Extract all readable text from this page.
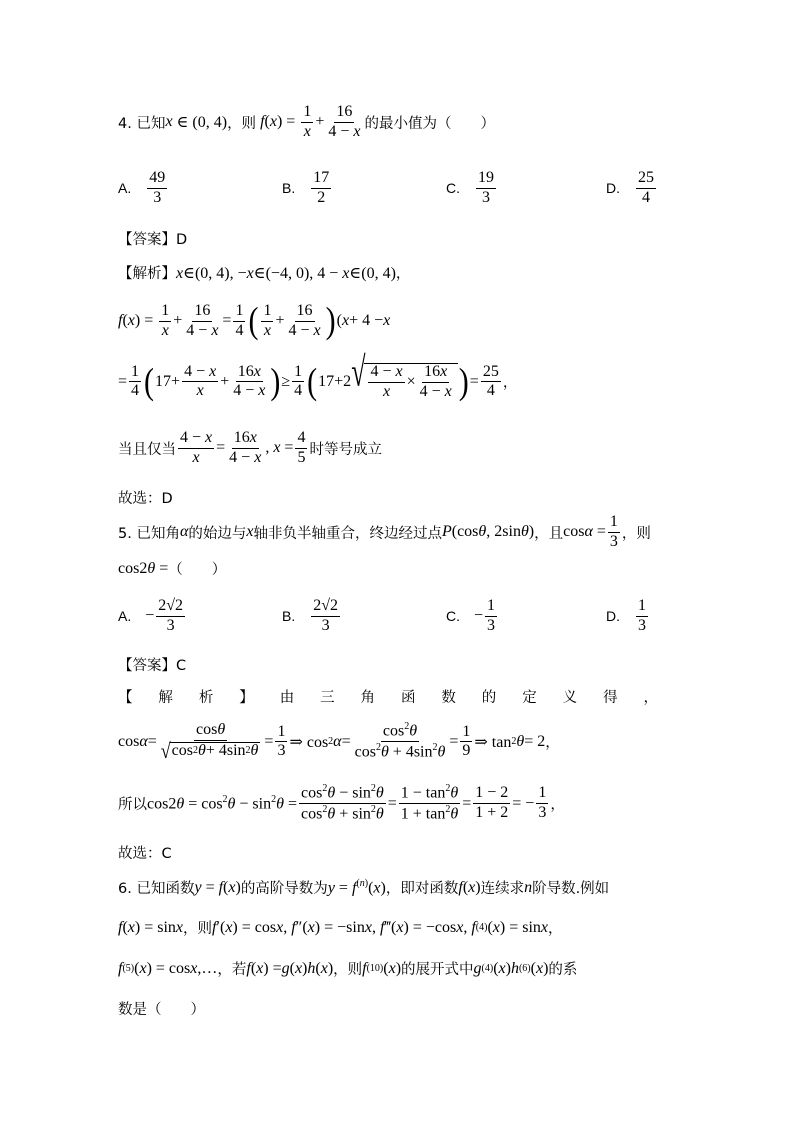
4. 已知 x ∈ (0, 4) ，则 $f(x) = \frac{1}{x} + \frac{16}{4 - x}$ 的最小值为（　　）
A. $\frac{49}{3}$	B. $\frac{17}{2}$	C. $\frac{19}{3}$	D. $\frac{25}{4}$
【答案】D
【解析】 x∈(0, 4), −x∈(−4, 0), 4 − x∈(0, 4) ，
f ( x ) = $\frac{1}{x} + \frac{16}{4 - x} = \frac{1}{4}$ ( $\frac{1}{x} + \frac{16}{4 - x}$ ) ( x + 4 − x
= $\frac{1}{4}$ ( $17+ \frac{4 - x}{x} + \frac{16x}{4 - x}$ ) ≥ $\frac{1}{4}$ ( 17+2 √ $\frac{4 - x}{x} \times \frac{16x}{4 - x}$ ) = $\frac{25}{4}$ ，
当且仅当 $\frac{4 - x}{x} = \frac{16x}{4 - x}$ , $x = \frac{4}{5}$ 时等号成立
故选：D
5. 已知角 α 的始边与 x 轴非负半轴重合，终边经过点 P(cosθ, 2sinθ) ，且 $\cos\alpha = \frac{1}{3}$ ，则
cos2θ = （　　）
A. − $\frac{2√2}{3}$	B. $\frac{2√2}{3}$	C. − $\frac{1}{3}$	D. $\frac{1}{3}$
【答案】C
【 解 析 】 由 三 角 函 数 的 定 义 得 ，
$\cos \alpha = \frac{\cos\theta}{√ \cos 2 \theta + 4\sin 2 \theta} = \frac{1}{3}$ ⇒ cos 2 $\alpha = \frac{\cos^2\theta}{\cos^2\theta + 4\sin^2\theta} = \frac{1}{9}$ ⇒ tan 2 θ = 2 ，
所以 $\cos 2\theta = \cos^2\theta - \sin^2\theta = \frac{\cos^2\theta - \sin^2\theta}{\cos^2\theta + \sin^2\theta} = \frac{1 - \tan^2\theta}{1 + \tan^2\theta} = \frac{1 - 2}{1 + 2}$ = − $\frac{1}{3}$ ，
故选：C
6. 已知函数 y = f(x) 的高阶导数为 $y = f^{(n)}(x)$ ，即对函数 f(x) 连续求 n 阶导数.例如
f ( x ) = sin x ，则 f ′( x ) = cos x , f ″( x ) = −sin x , f ‴( x ) = −cos x , f (4) ( x ) = sin x ，
f (5) ( x ) = cos x ,… ，若 f ( x ) = g ( x ) h ( x ) ，则 f (10) ( x ) 的展开式中 g (4) ( x ) h (6) ( x ) 的系
数是（　　）
